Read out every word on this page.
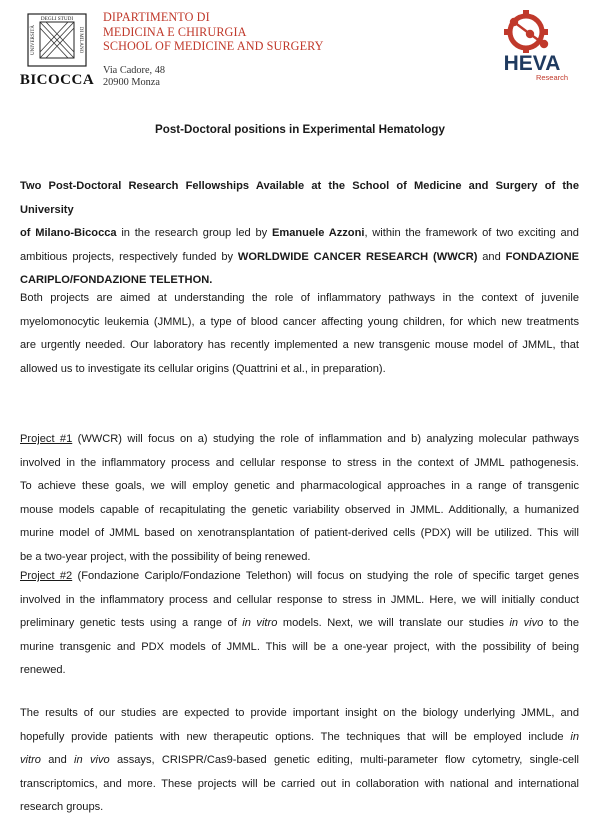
UNIVERSITÀ
DEGLI STUDI
DI MILANO
BICOCCA
DIPARTIMENTO DI
MEDICINA E CHIRURGIA
SCHOOL OF MEDICINE AND SURGERY
Via Cadore, 48
20900 Monza
HEVA
Research
Post-Doctoral positions in Experimental Hematology
Two Post-Doctoral Research Fellowships Available at the School of Medicine and Surgery of the University
of Milano-Bicocca in the research group led by Emanuele Azzoni, within the framework of two exciting and
ambitious projects, respectively funded by WORLDWIDE CANCER RESEARCH (WWCR) and FONDAZIONE
CARIPLO/FONDAZIONE TELETHON.
Both projects are aimed at understanding the role of inflammatory pathways in the context of juvenile
myelomonocytic leukemia (JMML), a type of blood cancer affecting young children, for which new treatments
are urgently needed. Our laboratory has recently implemented a new transgenic mouse model of JMML, that
allowed us to investigate its cellular origins (Quattrini et al., in preparation).
Project #1 (WWCR) will focus on a) studying the role of inflammation and b) analyzing molecular pathways
involved in the inflammatory process and cellular response to stress in the context of JMML pathogenesis.
To achieve these goals, we will employ genetic and pharmacological approaches in a range of transgenic
mouse models capable of recapitulating the genetic variability observed in JMML. Additionally, a humanized
murine model of JMML based on xenotransplantation of patient-derived cells (PDX) will be utilized. This will
be a two-year project, with the possibility of being renewed.
Project #2 (Fondazione Cariplo/Fondazione Telethon) will focus on studying the role of specific target genes
involved in the inflammatory process and cellular response to stress in JMML. Here, we will initially conduct
preliminary genetic tests using a range of in vitro models. Next, we will translate our studies in vivo to the
murine transgenic and PDX models of JMML. This will be a one-year project, with the possibility of being
renewed.
The results of our studies are expected to provide important insight on the biology underlying JMML, and
hopefully provide patients with new therapeutic options. The techniques that will be employed include in
vitro and in vivo assays, CRISPR/Cas9-based genetic editing, multi-parameter flow cytometry, single-cell
transcriptomics, and more. These projects will be carried out in collaboration with national and international
research groups.
